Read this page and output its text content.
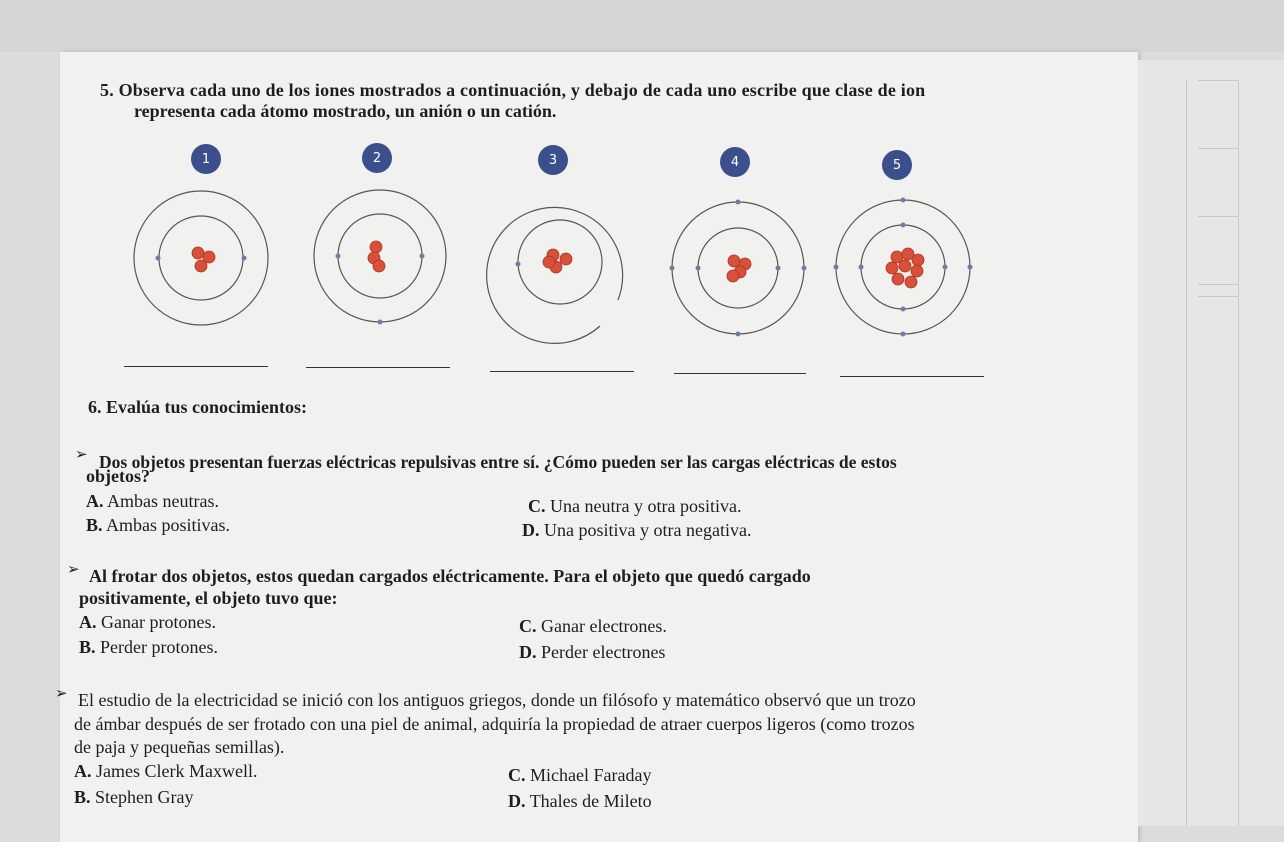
5. Observa cada uno de los iones mostrados a continuación, y debajo de cada uno escribe que clase de ion
representa cada átomo mostrado, un anión o un catión.
1	2	3	4	5
6. Evalúa tus conocimientos:
➢ Dos objetos presentan fuerzas eléctricas repulsivas entre sí. ¿Cómo pueden ser las cargas eléctricas de estos
objetos?
A. Ambas neutras.
B. Ambas positivas.
C. Una neutra y otra positiva.
D. Una positiva y otra negativa.
➢ Al frotar dos objetos, estos quedan cargados eléctricamente. Para el objeto que quedó cargado
positivamente, el objeto tuvo que:
A. Ganar protones.
B. Perder protones.
C. Ganar electrones.
D. Perder electrones
➢ El estudio de la electricidad se inició con los antiguos griegos, donde un filósofo y matemático observó que un trozo
de ámbar después de ser frotado con una piel de animal, adquiría la propiedad de atraer cuerpos ligeros (como trozos
de paja y pequeñas semillas).
A. James Clerk Maxwell.
B. Stephen Gray
C. Michael Faraday
D. Thales de Mileto
